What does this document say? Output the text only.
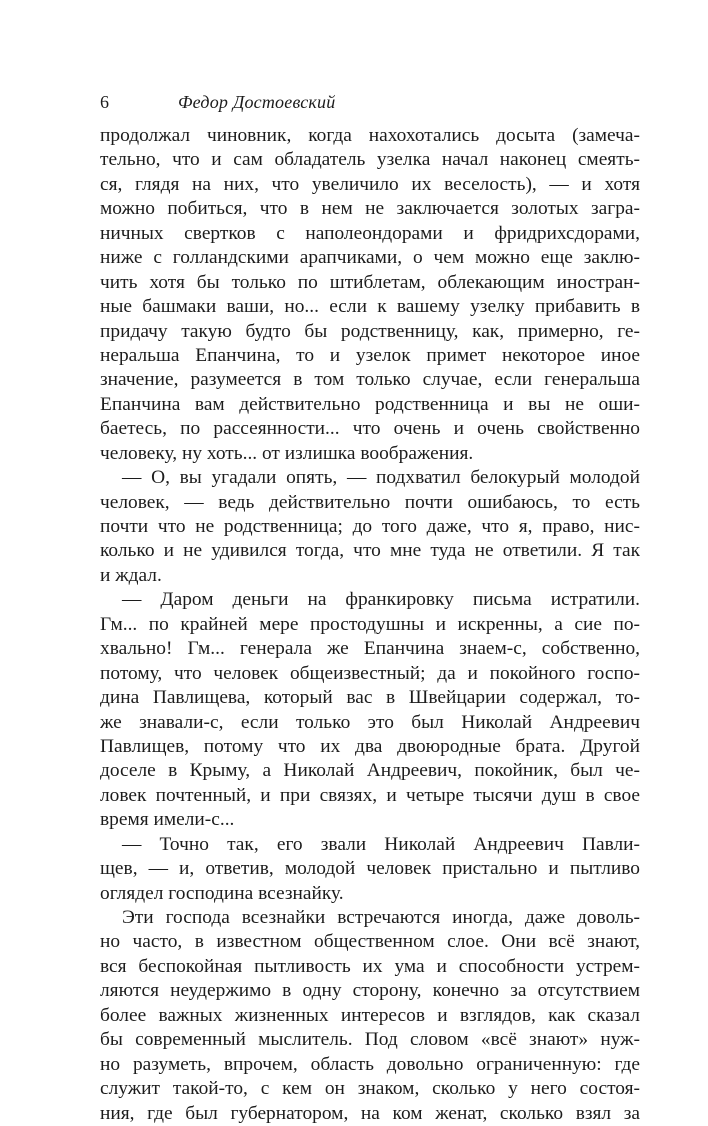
6	Федор Достоевский
продолжал чиновник, когда нахохотались досыта (замеча-
тельно, что и сам обладатель узелка начал наконец смеять-
ся, глядя на них, что увеличило их веселость), — и хотя
можно побиться, что в нем не заключается золотых загра-
ничных свертков с наполеондорами и фридрихсдорами,
ниже с голландскими арапчиками, о чем можно еще заклю-
чить хотя бы только по штиблетам, облекающим иностран-
ные башмаки ваши, но... если к вашему узелку прибавить в
придачу такую будто бы родственницу, как, примерно, ге-
неральша Епанчина, то и узелок примет некоторое иное
значение, разумеется в том только случае, если генеральша
Епанчина вам действительно родственница и вы не оши-
баетесь, по рассеянности... что очень и очень свойственно
человеку, ну хоть... от излишка воображения.
— О, вы угадали опять, — подхватил белокурый молодой
человек, — ведь действительно почти ошибаюсь, то есть
почти что не родственница; до того даже, что я, право, нис-
колько и не удивился тогда, что мне туда не ответили. Я так
и ждал.
— Даром деньги на франкировку письма истратили.
Гм... по крайней мере простодушны и искренны, а сие по-
хвально! Гм... генерала же Епанчина знаем-с, собственно,
потому, что человек общеизвестный; да и покойного госпо-
дина Павлищева, который вас в Швейцарии содержал, то-
же знавали-с, если только это был Николай Андреевич
Павлищев, потому что их два двоюродные брата. Другой
доселе в Крыму, а Николай Андреевич, покойник, был че-
ловек почтенный, и при связях, и четыре тысячи душ в свое
время имели-с...
— Точно так, его звали Николай Андреевич Павли-
щев, — и, ответив, молодой человек пристально и пытливо
оглядел господина всезнайку.
Эти господа всезнайки встречаются иногда, даже доволь-
но часто, в известном общественном слое. Они всё знают,
вся беспокойная пытливость их ума и способности устрем-
ляются неудержимо в одну сторону, конечно за отсутствием
более важных жизненных интересов и взглядов, как сказал
бы современный мыслитель. Под словом «всё знают» нуж-
но разуметь, впрочем, область довольно ограниченную: где
служит такой-то, с кем он знаком, сколько у него состоя-
ния, где был губернатором, на ком женат, сколько взял за
